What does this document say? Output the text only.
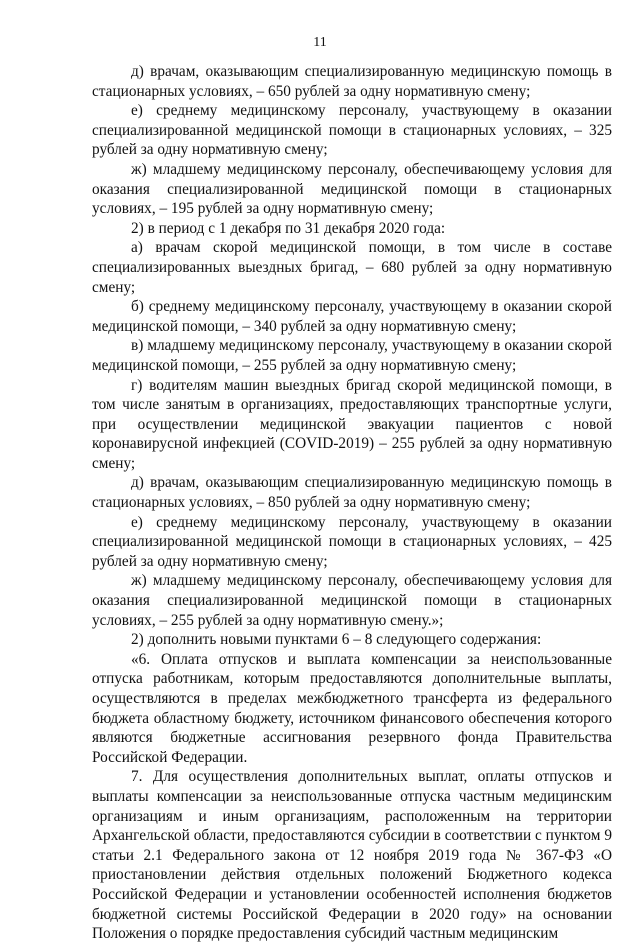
11

д) врачам, оказывающим специализированную медицинскую помощь в стационарных условиях, – 650 рублей за одну нормативную смену;

е) среднему медицинскому персоналу, участвующему в оказании специализированной медицинской помощи в стационарных условиях, – 325 рублей за одну нормативную смену;

ж) младшему медицинскому персоналу, обеспечивающему условия для оказания специализированной медицинской помощи в стационарных условиях, – 195 рублей за одну нормативную смену;

2) в период с 1 декабря по 31 декабря 2020 года:

а) врачам скорой медицинской помощи, в том числе в составе специализированных выездных бригад, – 680 рублей за одну нормативную смену;

б) среднему медицинскому персоналу, участвующему в оказании скорой медицинской помощи, – 340 рублей за одну нормативную смену;

в) младшему медицинскому персоналу, участвующему в оказании скорой медицинской помощи, – 255 рублей за одну нормативную смену;

г) водителям машин выездных бригад скорой медицинской помощи, в том числе занятым в организациях, предоставляющих транспортные услуги, при осуществлении медицинской эвакуации пациентов с новой коронавирусной инфекцией (COVID-2019) – 255 рублей за одну нормативную смену;

д) врачам, оказывающим специализированную медицинскую помощь в стационарных условиях, – 850 рублей за одну нормативную смену;

е) среднему медицинскому персоналу, участвующему в оказании специализированной медицинской помощи в стационарных условиях, – 425 рублей за одну нормативную смену;

ж) младшему медицинскому персоналу, обеспечивающему условия для оказания специализированной медицинской помощи в стационарных условиях, – 255 рублей за одну нормативную смену.»;

2) дополнить новыми пунктами 6 – 8 следующего содержания:

«6. Оплата отпусков и выплата компенсации за неиспользованные отпуска работникам, которым предоставляются дополнительные выплаты, осуществляются в пределах межбюджетного трансферта из федерального бюджета областному бюджету, источником финансового обеспечения которого являются бюджетные ассигнования резервного фонда Правительства Российской Федерации.

7. Для осуществления дополнительных выплат, оплаты отпусков и выплаты компенсации за неиспользованные отпуска частным медицинским организациям и иным организациям, расположенным на территории Архангельской области, предоставляются субсидии в соответствии с пунктом 9 статьи 2.1 Федерального закона от 12 ноября 2019 года № 367-ФЗ «О приостановлении действия отдельных положений Бюджетного кодекса Российской Федерации и установлении особенностей исполнения бюджетов бюджетной системы Российской Федерации в 2020 году» на основании Положения о порядке предоставления субсидий частным медицинским
